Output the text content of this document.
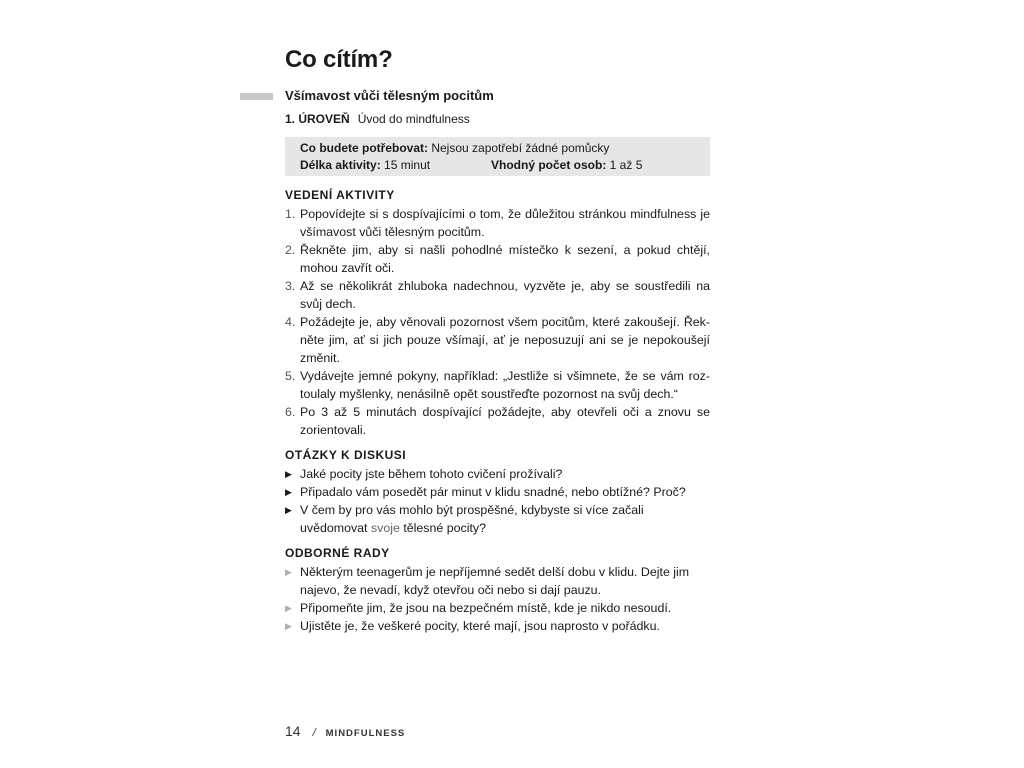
Co cítím?
Všímavost vůči tělesným pocitům
1. ÚROVEŇ Úvod do mindfulness
Co budete potřebovat: Nejsou zapotřebí žádné pomůcky
Délka aktivity: 15 minut	Vhodný počet osob: 1 až 5
VEDENÍ AKTIVITY
1. Popovídejte si s dospívajícími o tom, že důležitou stránkou mindfulness je všímavost vůči tělesným pocitům.
2. Řekněte jim, aby si našli pohodlné místečko k sezení, a pokud chtějí, mohou zavřít oči.
3. Až se několikrát zhluboka nadechnou, vyzvěte je, aby se soustředili na svůj dech.
4. Požádejte je, aby věnovali pozornost všem pocitům, které zakoušejí. Řekněte jim, ať si jich pouze všímají, ať je neposuzují ani se je nepokoušejí změnit.
5. Vydávejte jemné pokyny, například: „Jestliže si všimnete, že se vám roztoulaly myšlenky, nenásilně opět soustřeďte pozornost na svůj dech.“
6. Po 3 až 5 minutách dospívající požádejte, aby otevřeli oči a znovu se zorientovali.
OTÁZKY K DISKUSI
▶ Jaké pocity jste během tohoto cvičení prožívali?
▶ Připadalo vám posedět pár minut v klidu snadné, nebo obtížné? Proč?
▶ V čem by pro vás mohlo být prospěšné, kdybyste si více začali uvědomovat svoje tělesné pocity?
ODBORNÉ RADY
▶ Některým teenagerům je nepříjemné sedět delší dobu v klidu. Dejte jim najevo, že nevadí, když otevřou oči nebo si dají pauzu.
▶ Připomeňte jim, že jsou na bezpečném místě, kde je nikdo nesoudí.
▶ Ujistěte je, že veškeré pocity, které mají, jsou naprosto v pořádku.
14 / MINDFULNESS
